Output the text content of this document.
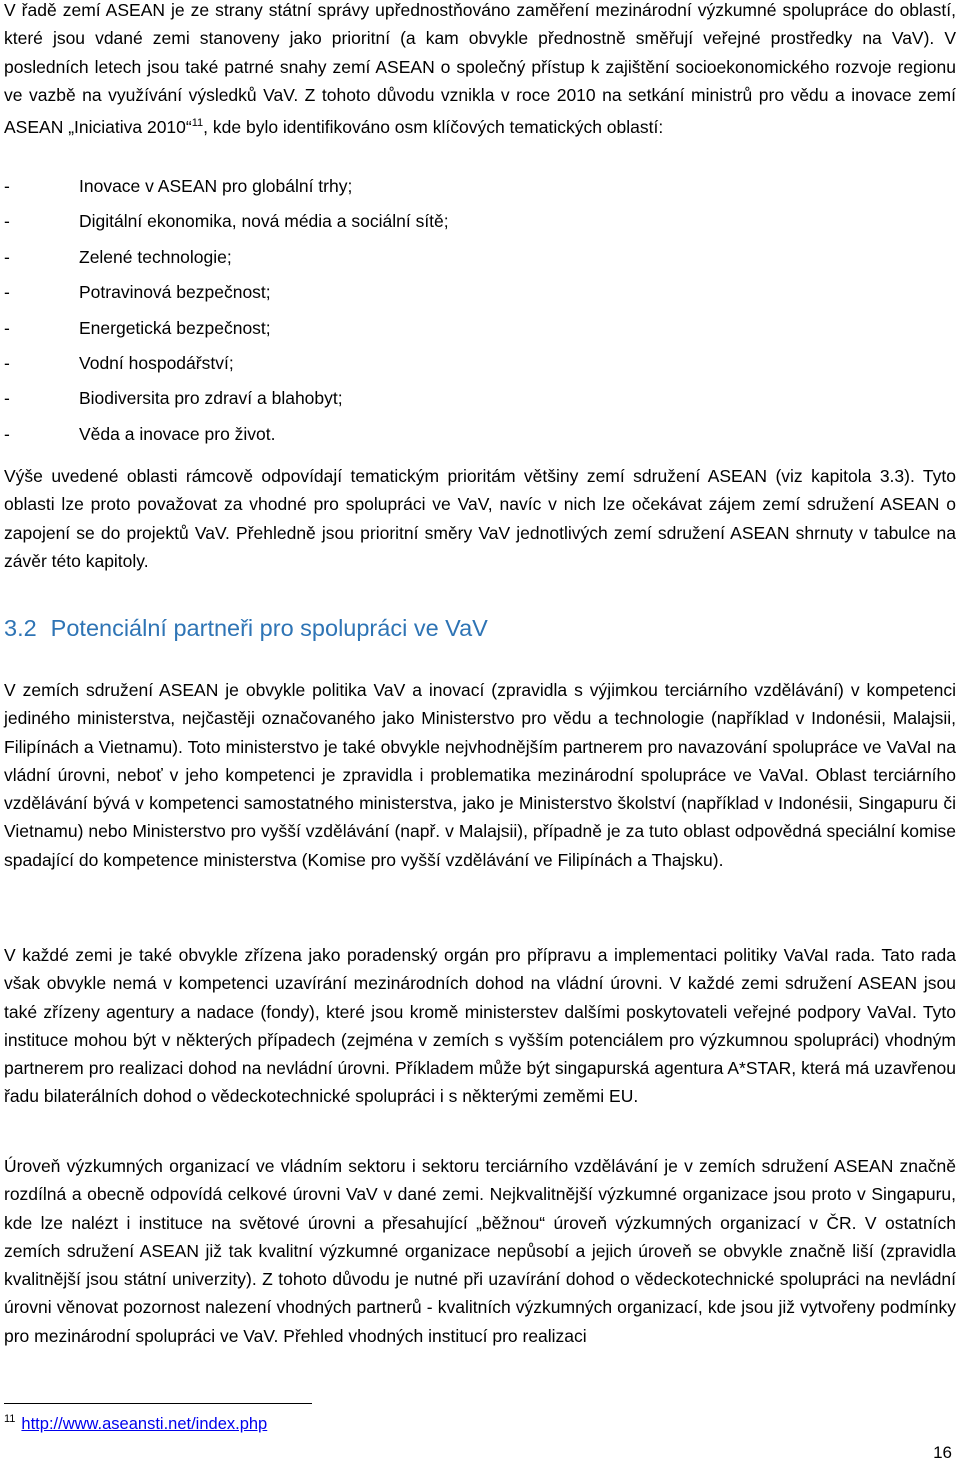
V řadě zemí ASEAN je ze strany státní správy upřednostňováno zaměření mezinárodní výzkumné spolupráce do oblastí, které jsou vdané zemi stanoveny jako prioritní (a kam obvykle přednostně směřují veřejné prostředky na VaV). V posledních letech jsou také patrné snahy zemí ASEAN o společný přístup k zajištění socioekonomického rozvoje regionu ve vazbě na využívání výsledků VaV. Z tohoto důvodu vznikla v roce 2010 na setkání ministrů pro vědu a inovace zemí ASEAN „Iniciativa 2010“$^{11}$, kde bylo identifikováno osm klíčových tematických oblastí:

-	Inovace v ASEAN pro globální trhy;
-	Digitální ekonomika, nová média a sociální sítě;
-	Zelené technologie;
-	Potravinová bezpečnost;
-	Energetická bezpečnost;
-	Vodní hospodářství;
-	Biodiversita pro zdraví a blahobyt;
-	Věda a inovace pro život.

Výše uvedené oblasti rámcově odpovídají tematickým prioritám většiny zemí sdružení ASEAN (viz kapitola 3.3). Tyto oblasti lze proto považovat za vhodné pro spolupráci ve VaV, navíc v nich lze očekávat zájem zemí sdružení ASEAN o zapojení se do projektů VaV. Přehledně jsou prioritní směry VaV jednotlivých zemí sdružení ASEAN shrnuty v tabulce na závěr této kapitoly.

3.2 Potenciální partneři pro spolupráci ve VaV

V zemích sdružení ASEAN je obvykle politika VaV a inovací (zpravidla s výjimkou terciárního vzdělávání) v kompetenci jediného ministerstva, nejčastěji označovaného jako Ministerstvo pro vědu a technologie (například v Indonésii, Malajsii, Filipínách a Vietnamu). Toto ministerstvo je také obvykle nejvhodnějším partnerem pro navazování spolupráce ve VaVaI na vládní úrovni, neboť v jeho kompetenci je zpravidla i problematika mezinárodní spolupráce ve VaVaI. Oblast terciárního vzdělávání bývá v kompetenci samostatného ministerstva, jako je Ministerstvo školství (například v Indonésii, Singapuru či Vietnamu) nebo Ministerstvo pro vyšší vzdělávání (např. v Malajsii), případně je za tuto oblast odpovědná speciální komise spadající do kompetence ministerstva (Komise pro vyšší vzdělávání ve Filipínách a Thajsku).

V každé zemi je také obvykle zřízena jako poradenský orgán pro přípravu a implementaci politiky VaVaI rada. Tato rada však obvykle nemá v kompetenci uzavírání mezinárodních dohod na vládní úrovni. V každé zemi sdružení ASEAN jsou také zřízeny agentury a nadace (fondy), které jsou kromě ministerstev dalšími poskytovateli veřejné podpory VaVaI. Tyto instituce mohou být v některých případech (zejména v zemích s vyšším potenciálem pro výzkumnou spolupráci) vhodným partnerem pro realizaci dohod na nevládní úrovni. Příkladem může být singapurská agentura A*STAR, která má uzavřenou řadu bilaterálních dohod o vědeckotechnické spolupráci i s některými zeměmi EU.

Úroveň výzkumných organizací ve vládním sektoru i sektoru terciárního vzdělávání je v zemích sdružení ASEAN značně rozdílná a obecně odpovídá celkové úrovni VaV v dané zemi. Nejkvalitnější výzkumné organizace jsou proto v Singapuru, kde lze nalézt i instituce na světové úrovni a přesahující „běžnou“ úroveň výzkumných organizací v ČR. V ostatních zemích sdružení ASEAN již tak kvalitní výzkumné organizace nepůsobí a jejich úroveň se obvykle značně liší (zpravidla kvalitnější jsou státní univerzity). Z tohoto důvodu je nutné při uzavírání dohod o vědeckotechnické spolupráci na nevládní úrovni věnovat pozornost nalezení vhodných partnerů - kvalitních výzkumných organizací, kde jsou již vytvořeny podmínky pro mezinárodní spolupráci ve VaV. Přehled vhodných institucí pro realizaci

$^{11}$ http://www.aseansti.net/index.php
16
